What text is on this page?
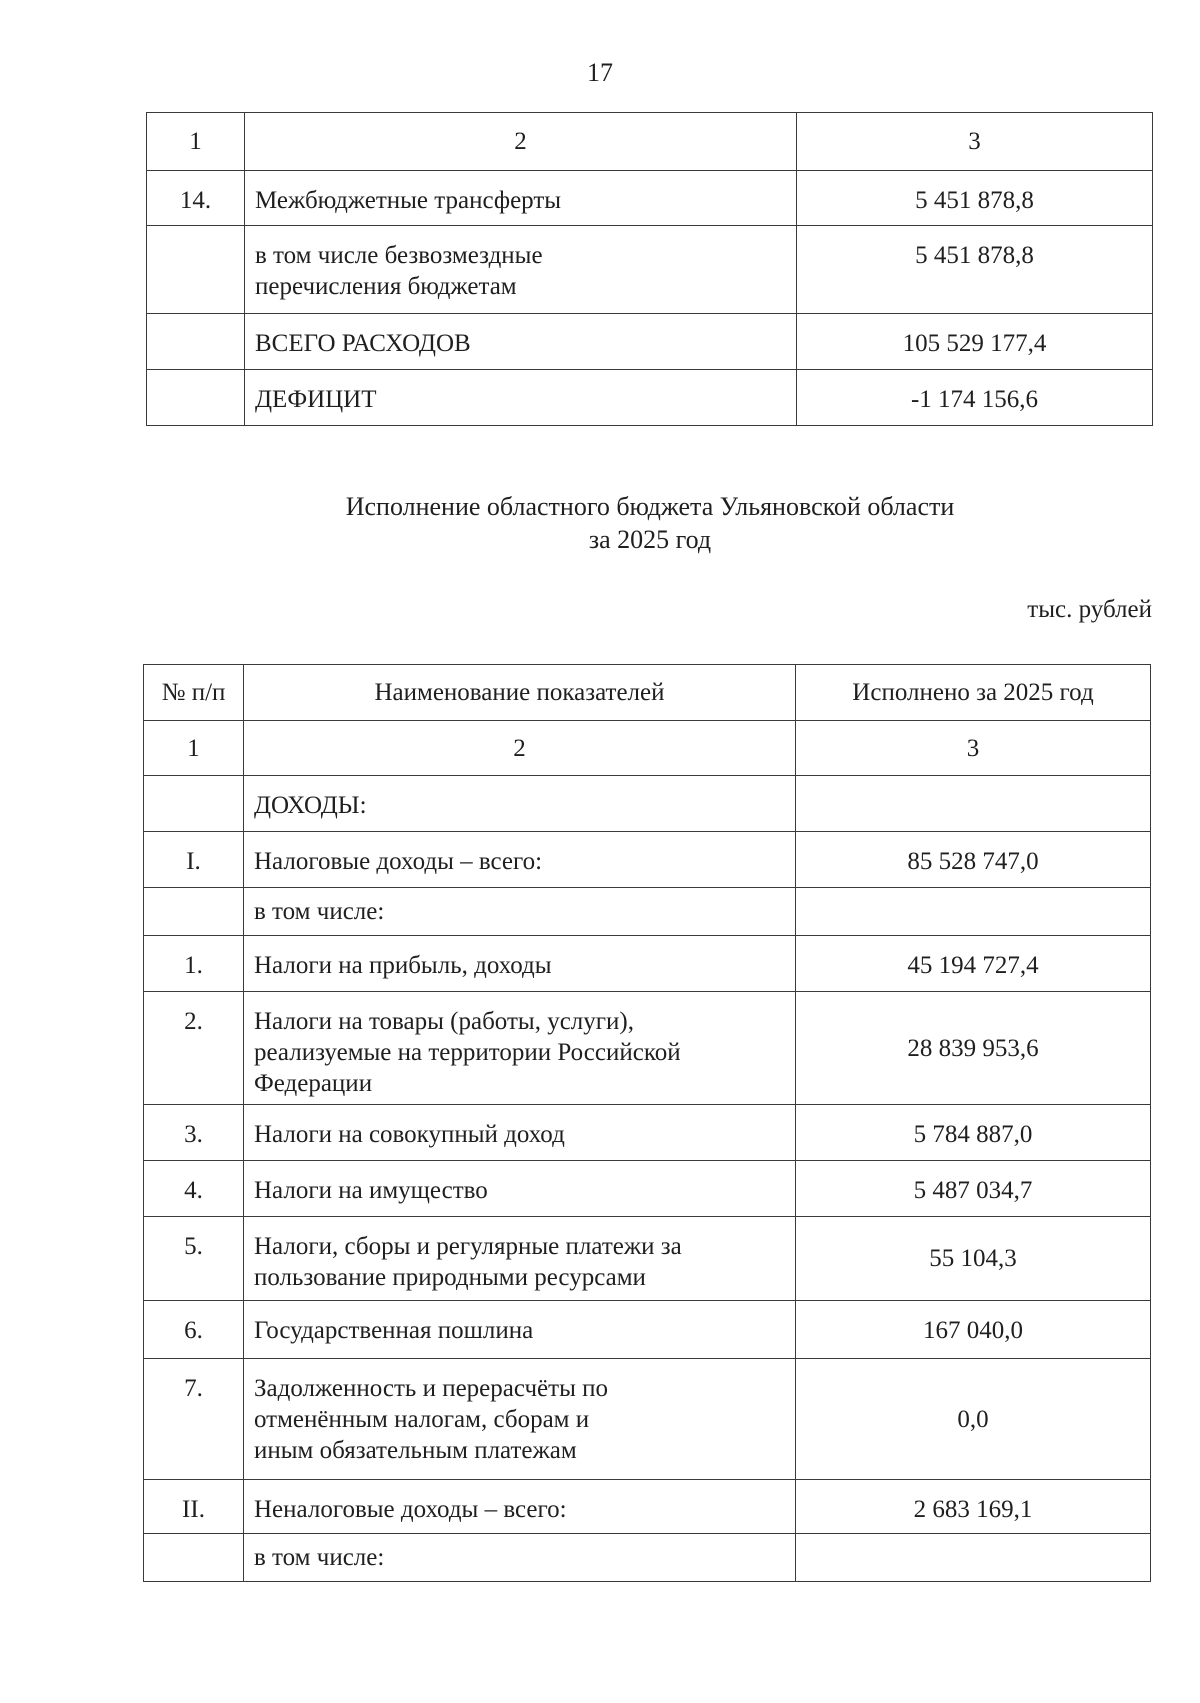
17
1	2	3
14.	Межбюджетные трансферты	5 451 878,8
	в том числе безвозмездные перечисления бюджетам	5 451 878,8
	ВСЕГО РАСХОДОВ	105 529 177,4
	ДЕФИЦИТ	-1 174 156,6
Исполнение областного бюджета Ульяновской области
за 2025 год
тыс. рублей
№ п/п	Наименование показателей	Исполнено за 2025 год
1	2	3
	ДОХОДЫ:	
I.	Налоговые доходы – всего:	85 528 747,0
	в том числе:	
1.	Налоги на прибыль, доходы	45 194 727,4
2.	Налоги на товары (работы, услуги), реализуемые на территории Российской Федерации	28 839 953,6
3.	Налоги на совокупный доход	5 784 887,0
4.	Налоги на имущество	5 487 034,7
5.	Налоги, сборы и регулярные платежи за пользование природными ресурсами	55 104,3
6.	Государственная пошлина	167 040,0
7.	Задолженность и перерасчёты по отменённым налогам, сборам и иным обязательным платежам	0,0
II.	Неналоговые доходы – всего:	2 683 169,1
	в том числе:	
